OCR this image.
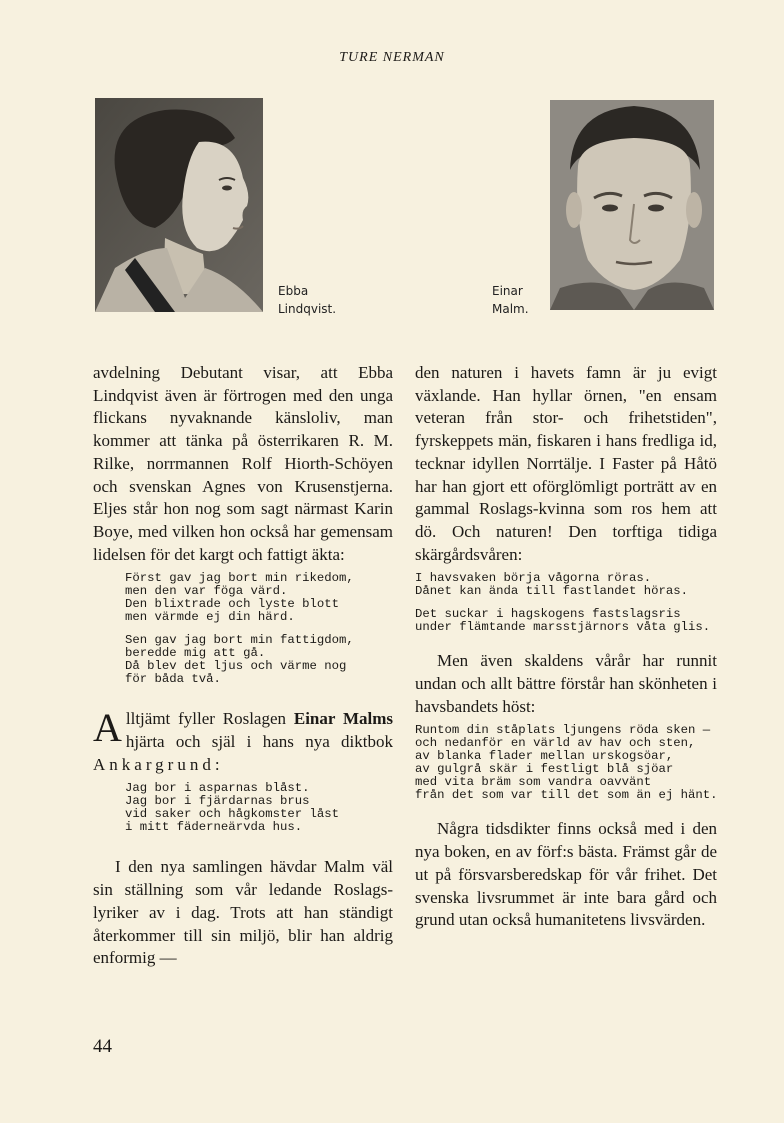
TURE NERMAN
Ebba
Lindqvist.
Einar
Malm.

avdelning Debutant visar, att Ebba Lindqvist även är förtrogen med den unga flickans nyvaknande känsloliv, man kommer att tänka på österrikaren R. M. Rilke, norrmannen Rolf Hiorth-Schöyen och svenskan Agnes von Krusenstjerna. Eljes står hon nog som sagt närmast Karin Boye, med vilken hon också har gemensam lidelsen för det kargt och fattigt äkta:

Först gav jag bort min rikedom,
men den var föga värd.
Den blixtrade och lyste blott
men värmde ej din härd.
Sen gav jag bort min fattigdom,
beredde mig att gå.
Då blev det ljus och värme nog
för båda två.

Alltjämt fyller Roslagen Einar Malms hjärta och själ i hans nya diktbok Ankargrund:

Jag bor i asparnas blåst.
Jag bor i fjärdarnas brus
vid saker och hågkomster låst
i mitt fäderneärvda hus.

I den nya samlingen hävdar Malm väl sin ställning som vår ledande Roslags-lyriker av i dag. Trots att han ständigt återkommer till sin miljö, blir han aldrig enformig —

den naturen i havets famn är ju evigt växlande. Han hyllar örnen, "en ensam veteran från stor- och frihetstiden", fyrskeppets män, fiskaren i hans fredliga id, tecknar idyllen Norrtälje. I Faster på Håtö har han gjort ett oförglömligt porträtt av en gammal Roslags-kvinna som ros hem att dö. Och naturen! Den torftiga tidiga skärgårdsvåren:

I havsvaken börja vågorna röras.
Dånet kan ända till fastlandet höras.
Det suckar i hagskogens fastslagsris
under flämtande marsstjärnors våta glis.

Men även skaldens vårår har runnit undan och allt bättre förstår han skönheten i havsbandets höst:

Runtom din ståplats ljungens röda sken —
och nedanför en värld av hav och sten,
av blanka flader mellan urskogsöar,
av gulgrå skär i festligt blå sjöar
med vita bräm som vandra oavvänt
från det som var till det som än ej hänt.

Några tidsdikter finns också med i den nya boken, en av förf:s bästa. Främst går de ut på försvarsberedskap för vår frihet. Det svenska livsrummet är inte bara gård och grund utan också humanitetens livsvärden.

44
